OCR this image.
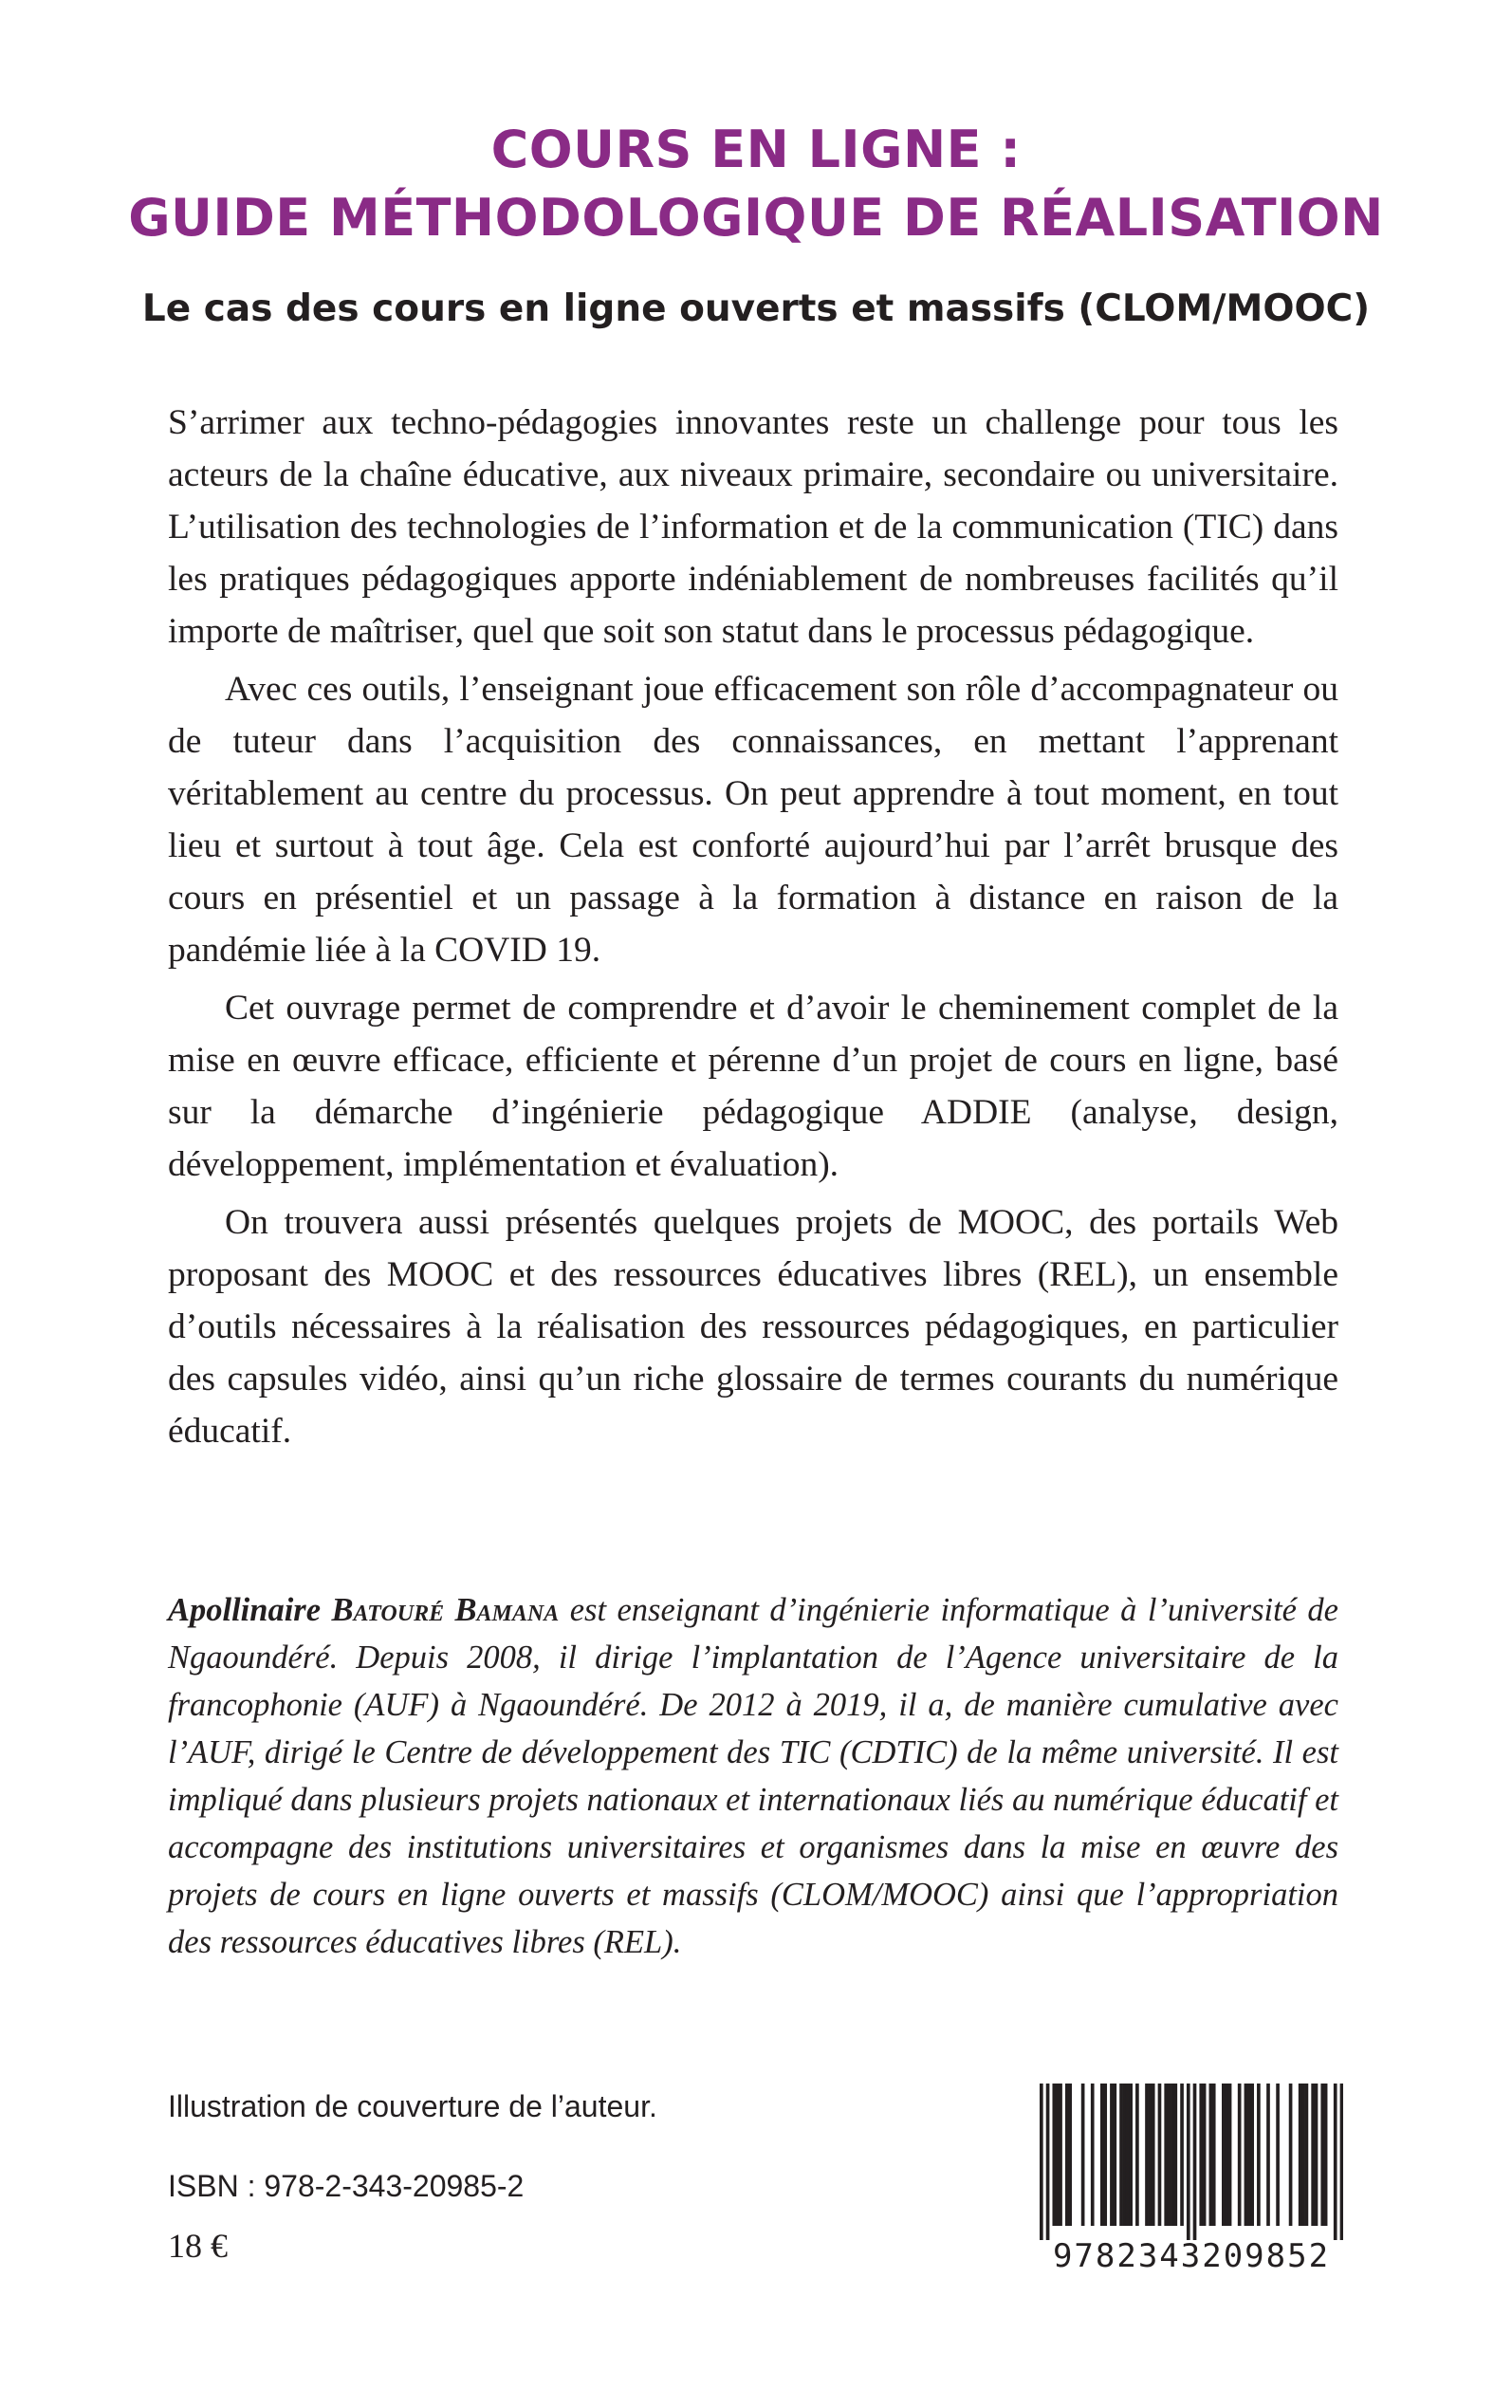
COURS EN LIGNE :
GUIDE MÉTHODOLOGIQUE DE RÉALISATION
Le cas des cours en ligne ouverts et massifs (CLOM/MOOC)

S’arrimer aux techno-pédagogies innovantes reste un challenge pour tous les acteurs de la chaîne éducative, aux niveaux primaire, secondaire ou universitaire. L’utilisation des technologies de l’information et de la communication (TIC) dans les pratiques pédagogiques apporte indéniablement de nombreuses facilités qu’il importe de maîtriser, quel que soit son statut dans le processus pédagogique.

Avec ces outils, l’enseignant joue efficacement son rôle d’accompagnateur ou de tuteur dans l’acquisition des connaissances, en mettant l’apprenant véritablement au centre du processus. On peut apprendre à tout moment, en tout lieu et surtout à tout âge. Cela est conforté aujourd’hui par l’arrêt brusque des cours en présentiel et un passage à la formation à distance en raison de la pandémie liée à la COVID 19.

Cet ouvrage permet de comprendre et d’avoir le cheminement complet de la mise en œuvre efficace, efficiente et pérenne d’un projet de cours en ligne, basé sur la démarche d’ingénierie pédagogique ADDIE (analyse, design, développement, implémentation et évaluation).

On trouvera aussi présentés quelques projets de MOOC, des portails Web proposant des MOOC et des ressources éducatives libres (REL), un ensemble d’outils nécessaires à la réalisation des ressources pédagogiques, en particulier des capsules vidéo, ainsi qu’un riche glossaire de termes courants du numérique éducatif.

Apollinaire Batouré Bamana est enseignant d’ingénierie informatique à l’université de Ngaoundéré. Depuis 2008, il dirige l’implantation de l’Agence universitaire de la francophonie (AUF) à Ngaoundéré. De 2012 à 2019, il a, de manière cumulative avec l’AUF, dirigé le Centre de développement des TIC (CDTIC) de la même université. Il est impliqué dans plusieurs projets nationaux et internationaux liés au numérique éducatif et accompagne des institutions universitaires et organismes dans la mise en œuvre des projets de cours en ligne ouverts et massifs (CLOM/MOOC) ainsi que l’appropriation des ressources éducatives libres (REL).

Illustration de couverture de l’auteur.
ISBN : 978-2-343-20985-2
18 €	9782343209852
